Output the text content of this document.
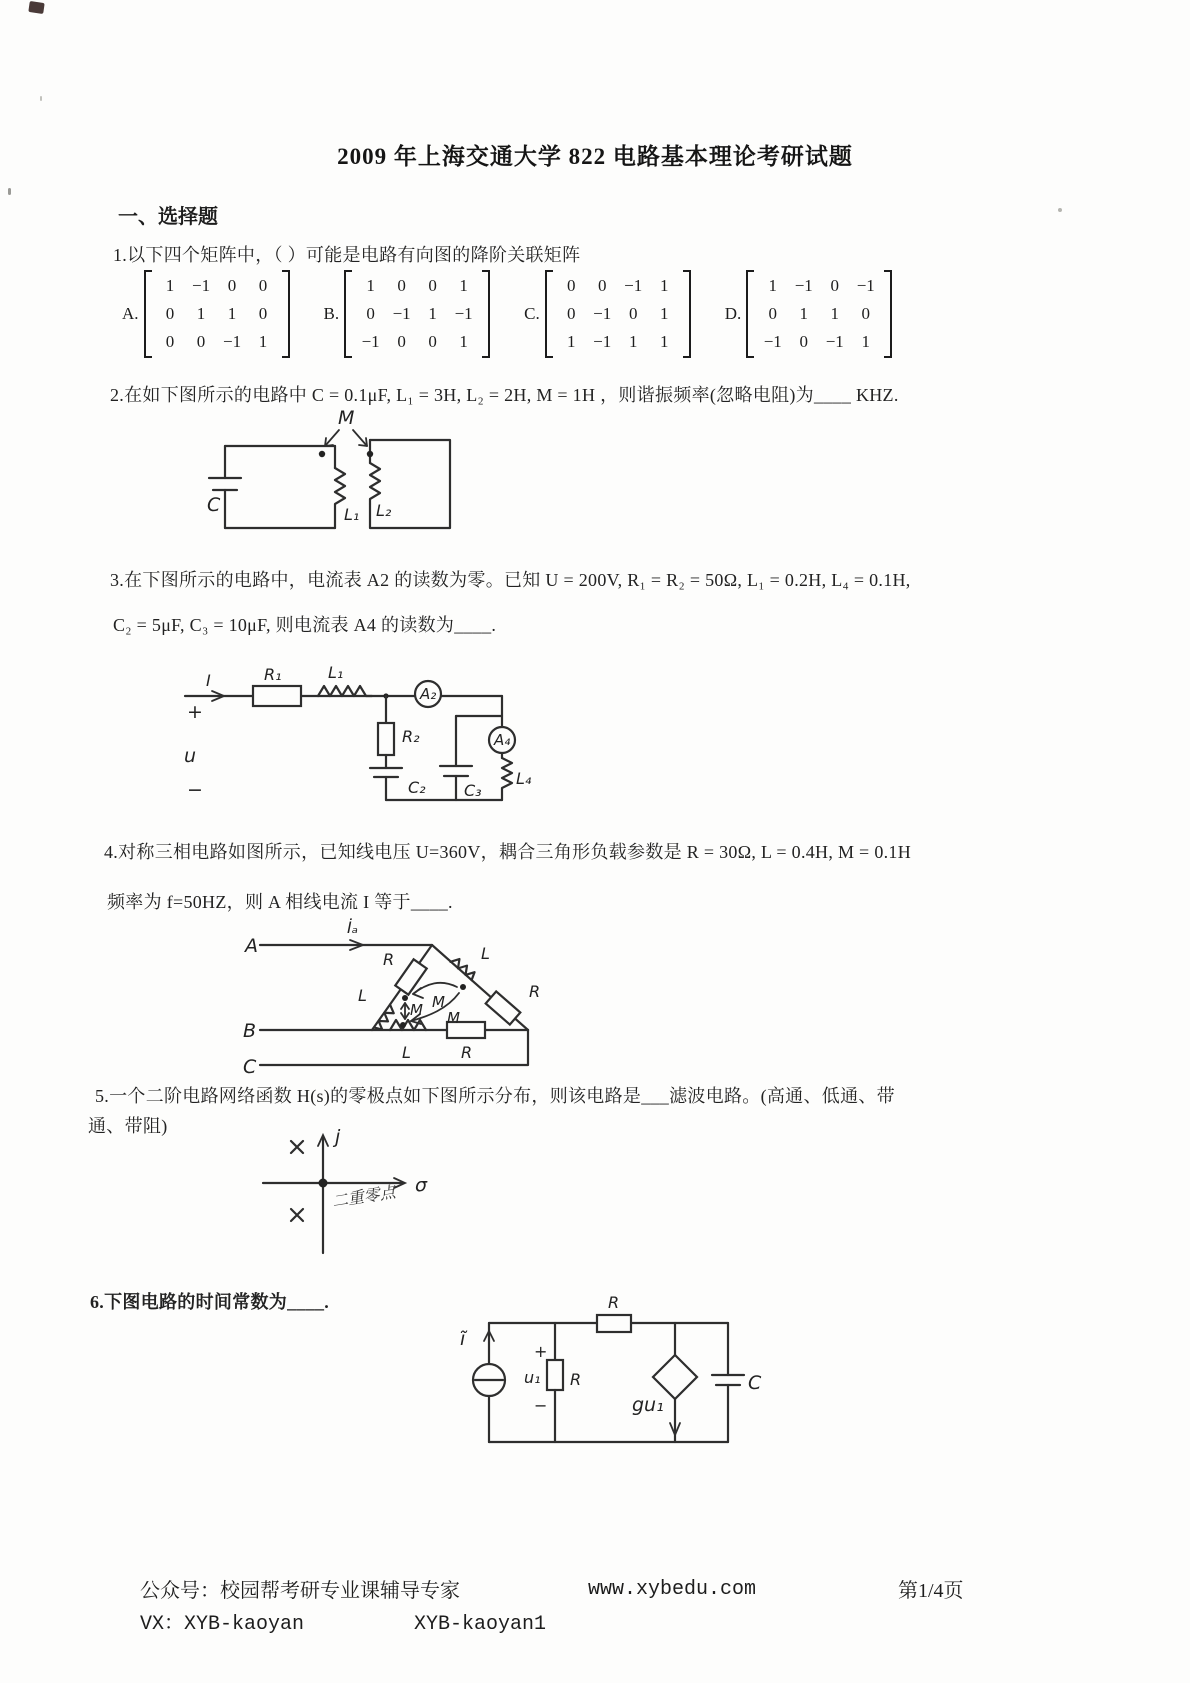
2009 年上海交通大学 822 电路基本理论考研试题
一、选择题
1.以下四个矩阵中，（ ）可能是电路有向图的降阶关联矩阵
A.
1	−1	0	0
0	1	1	0
0	0	−1	1
B.
1	0	0	1
0	−1	1	−1
−1	0	0	1
C.
0	0	−1	1
0	−1	0	1
1	−1	1	1
D.
1	−1	0	−1
0	1	1	0
−1	0	−1	1
2.在如下图所示的电路中 C = 0.1μF, L₁ = 3H, L₂ = 2H, M = 1H ，则谐振频率(忽略电阻)为____ KHZ.
M
C	L₁ L₂
3.在下图所示的电路中，电流表 A2 的读数为零。已知 U = 200V, R₁ = R₂ = 50Ω, L₁ = 0.2H, L₄ = 0.1H,
C₂ = 5μF, C₃ = 10μF, 则电流表 A4 的读数为____.
A₂
A₄
I	R₁	L₁
R₂
C₂ C₃
L₄
+
u
−
4.对称三相电路如图所示，已知线电压 U=360V，耦合三角形负载参数是 R = 30Ω, L = 0.4H, M = 0.1H
频率为 f=50HZ，则 A 相线电流 I 等于____.
A
B
C
İₐ
R
L
L
R
L	R
M
M
M
5.一个二阶电路网络函数 H(s)的零极点如下图所示分布，则该电路是___滤波电路。(高通、低通、带
通、带阻)	j
σ
二重零点
6.下图电路的时间常数为____.
ĩ
+
u₁
−
R
R
gu₁
C
公众号：校园帮考研专业课辅导专家
VX：XYB-kaoyan	XYB-kaoyan1
www.xybedu.com	第1/4页
